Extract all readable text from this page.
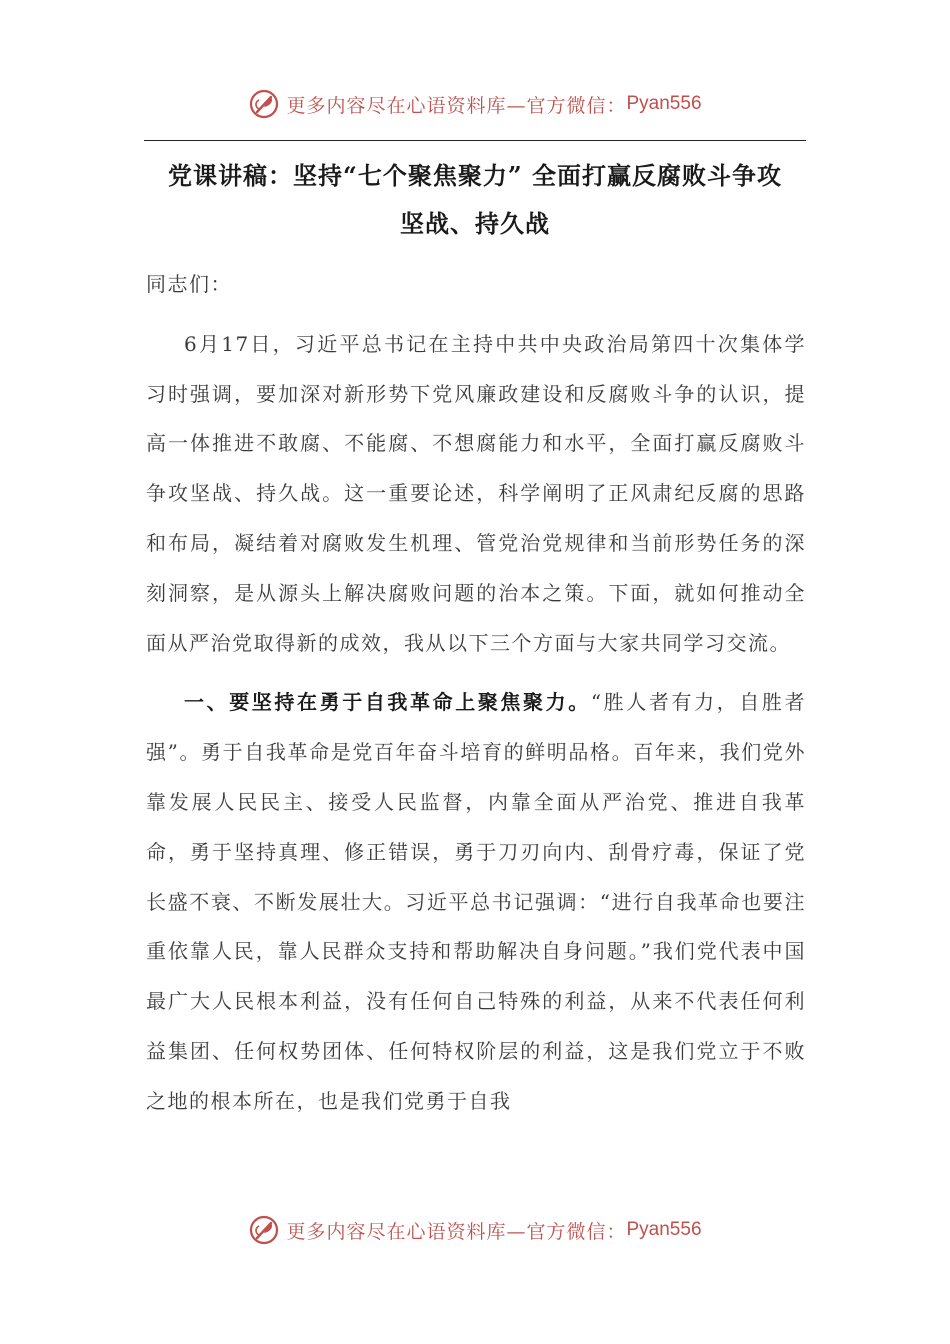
更多内容尽在心语资料库—官方微信： Pyan556
党课讲稿：坚持“七个聚焦聚力” 全面打赢反腐败斗争攻
坚战、持久战

同志们：

6月17日，习近平总书记在主持中共中央政治局第四十次集体学习时强调，要加深对新形势下党风廉政建设和反腐败斗争的认识，提高一体推进不敢腐、不能腐、不想腐能力和水平，全面打赢反腐败斗争攻坚战、持久战。这一重要论述，科学阐明了正风肃纪反腐的思路和布局，凝结着对腐败发生机理、管党治党规律和当前形势任务的深刻洞察，是从源头上解决腐败问题的治本之策。下面，就如何推动全面从严治党取得新的成效，我从以下三个方面与大家共同学习交流。

一、要坚持在勇于自我革命上聚焦聚力。“胜人者有力，自胜者强”。勇于自我革命是党百年奋斗培育的鲜明品格。百年来，我们党外靠发展人民民主、接受人民监督，内靠全面从严治党、推进自我革命，勇于坚持真理、修正错误，勇于刀刃向内、刮骨疗毒，保证了党长盛不衰、不断发展壮大。习近平总书记强调：“进行自我革命也要注重依靠人民，靠人民群众支持和帮助解决自身问题。”我们党代表中国最广大人民根本利益，没有任何自己特殊的利益，从来不代表任何利益集团、任何权势团体、任何特权阶层的利益，这是我们党立于不败之地的根本所在，也是我们党勇于自我

更多内容尽在心语资料库—官方微信： Pyan556
